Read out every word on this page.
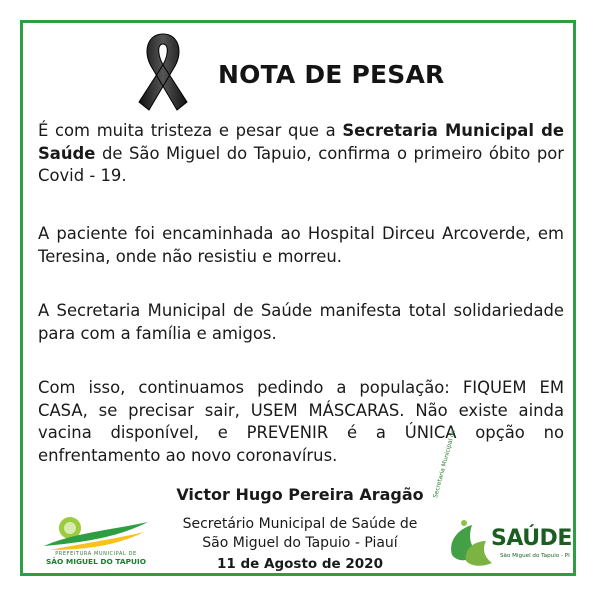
NOTA DE PESAR
É com muita tristeza e pesar que a Secretaria Municipal de Saúde de São Miguel do Tapuio, confirma o primeiro óbito por Covid - 19.
A paciente foi encaminhada ao Hospital Dirceu Arcoverde, em Teresina, onde não resistiu e morreu.
A Secretaria Municipal de Saúde manifesta total solidariedade para com a família e amigos.
Com isso, continuamos pedindo a população: FIQUEM EM CASA, se precisar sair, USEM MÁSCARAS. Não existe ainda vacina disponível, e PREVENIR é a ÚNICA opção no enfrentamento ao novo coronavírus.
Victor Hugo Pereira Aragão
Secretário Municipal de Saúde de
São Miguel do Tapuio - Piauí
11 de Agosto de 2020
PREFEITURA MUNICIPAL DE
SÃO MIGUEL DO TAPUIO
Secretaria Municipal de
SAÚDE
São Miguel do Tapuio - PI
